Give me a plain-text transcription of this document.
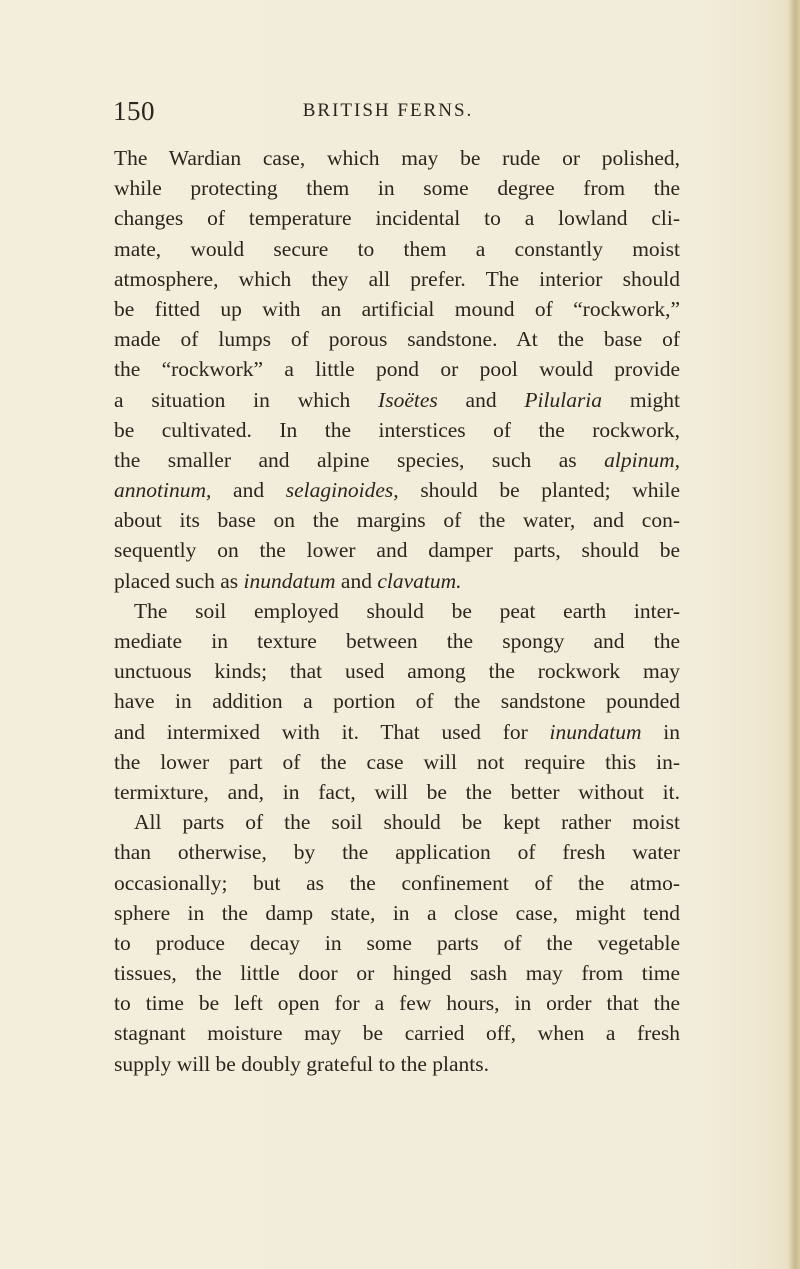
150	BRITISH FERNS.
The Wardian case, which may be rude or polished,
while protecting them in some degree from the
changes of temperature incidental to a lowland cli-
mate, would secure to them a constantly moist
atmosphere, which they all prefer. The interior should
be fitted up with an artificial mound of “rockwork,”
made of lumps of porous sandstone. At the base of
the “rockwork” a little pond or pool would provide
a situation in which Isoëtes and Pilularia might
be cultivated. In the interstices of the rockwork,
the smaller and alpine species, such as alpinum,
annotinum, and selaginoides, should be planted; while
about its base on the margins of the water, and con-
sequently on the lower and damper parts, should be
placed such as inundatum and clavatum.
The soil employed should be peat earth inter-
mediate in texture between the spongy and the
unctuous kinds; that used among the rockwork may
have in addition a portion of the sandstone pounded
and intermixed with it. That used for inundatum in
the lower part of the case will not require this in-
termixture, and, in fact, will be the better without it.
All parts of the soil should be kept rather moist
than otherwise, by the application of fresh water
occasionally; but as the confinement of the atmo-
sphere in the damp state, in a close case, might tend
to produce decay in some parts of the vegetable
tissues, the little door or hinged sash may from time
to time be left open for a few hours, in order that the
stagnant moisture may be carried off, when a fresh
supply will be doubly grateful to the plants.
